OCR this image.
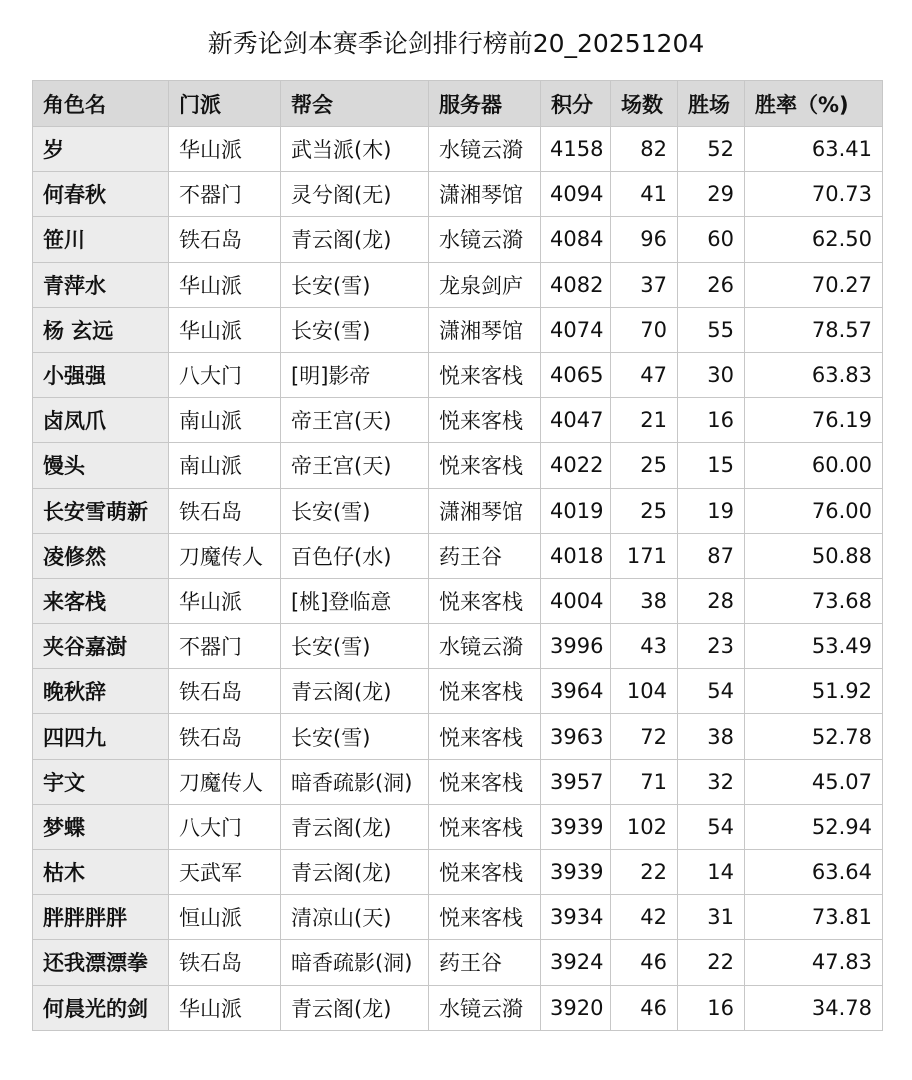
新秀论剑本赛季论剑排行榜前20_20251204
角色名	门派	帮会	服务器	积分	场数	胜场	胜率（%)
岁	华山派	武当派(木)	水镜云漪	4158	82	52	63.41
何春秋	不器门	灵兮阁(无)	潇湘琴馆	4094	41	29	70.73
笹川	铁石岛	青云阁(龙)	水镜云漪	4084	96	60	62.50
青萍水	华山派	长安(雪)	龙泉剑庐	4082	37	26	70.27
杨 玄远	华山派	长安(雪)	潇湘琴馆	4074	70	55	78.57
小强强	八大门	[明]影帝	悦来客栈	4065	47	30	63.83
卤凤爪	南山派	帝王宫(天)	悦来客栈	4047	21	16	76.19
馒头	南山派	帝王宫(天)	悦来客栈	4022	25	15	60.00
长安雪萌新	铁石岛	长安(雪)	潇湘琴馆	4019	25	19	76.00
凌修然	刀魔传人	百色仔(水)	药王谷	4018	171	87	50.88
来客栈	华山派	[桃]登临意	悦来客栈	4004	38	28	73.68
夹谷嘉澍	不器门	长安(雪)	水镜云漪	3996	43	23	53.49
晚秋辞	铁石岛	青云阁(龙)	悦来客栈	3964	104	54	51.92
四四九	铁石岛	长安(雪)	悦来客栈	3963	72	38	52.78
宇文	刀魔传人	暗香疏影(洞)	悦来客栈	3957	71	32	45.07
梦蝶	八大门	青云阁(龙)	悦来客栈	3939	102	54	52.94
枯木	天武军	青云阁(龙)	悦来客栈	3939	22	14	63.64
胖胖胖胖	恒山派	清凉山(天)	悦来客栈	3934	42	31	73.81
还我漂漂拳	铁石岛	暗香疏影(洞)	药王谷	3924	46	22	47.83
何晨光的剑	华山派	青云阁(龙)	水镜云漪	3920	46	16	34.78
